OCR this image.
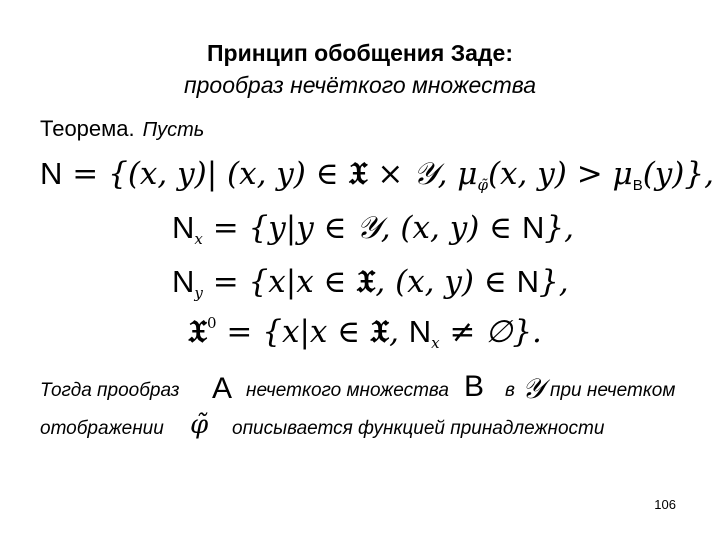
Принцип обобщения Заде:
прообраз нечёткого множества
Теорема. Пусть
N = {(x, y)| (x, y) ∈ 𝔛 × 𝒴, $\mu_{\varphĩ}(x$, $y) > \mu_B(y)$},
$N_x = \{y|y$ ∈ 𝒴, (x, y) ∈ N},
$N_y = \{x|x$ ∈ 𝔛, (x, y) ∈ N},
𝔛$^0$ = {x|x ∈ 𝔛, $N_x$ ≠ ∅}.
Тогда прообраз A нечеткого множества B в 𝒴 при нечетком
отображении φ̃ описывается функцией принадлежности
106
